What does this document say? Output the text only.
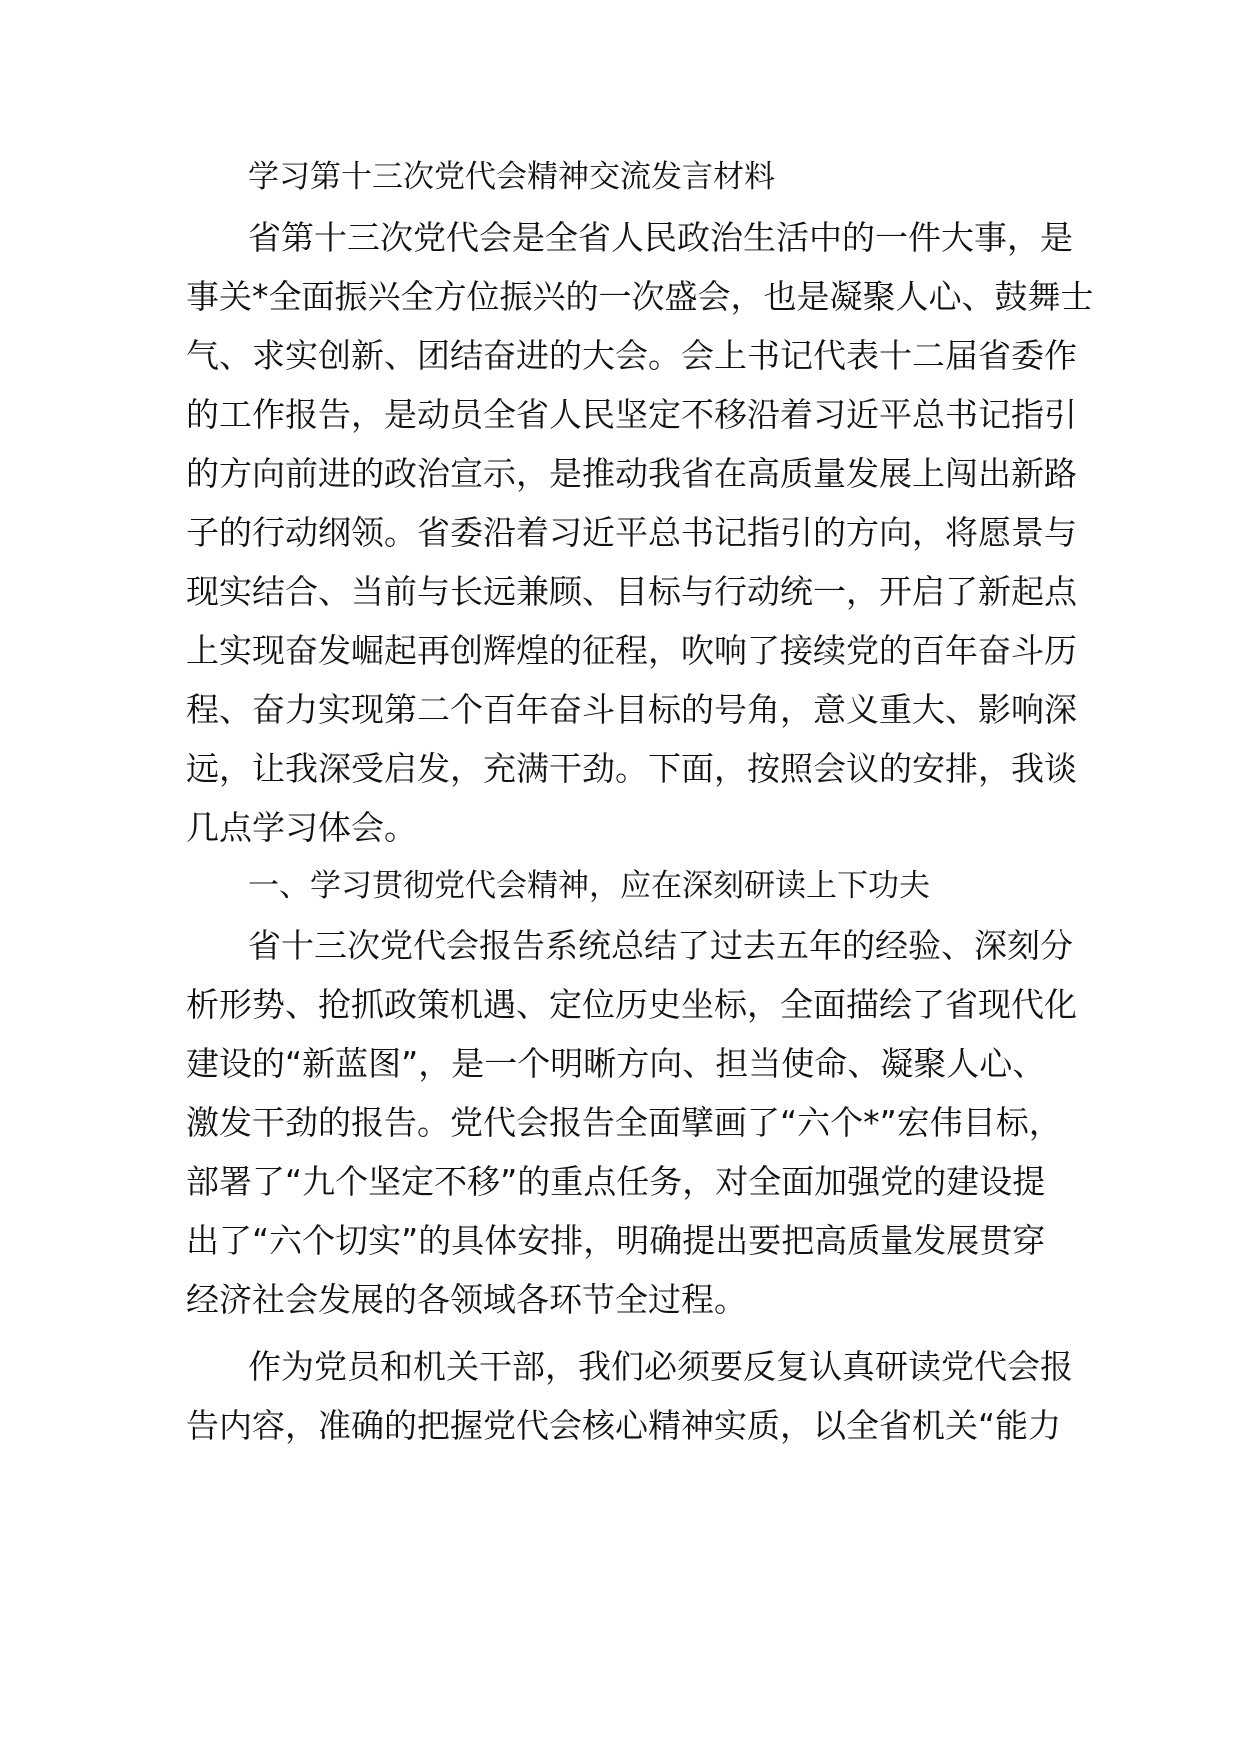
学习第十三次党代会精神交流发言材料
省第十三次党代会是全省人民政治生活中的一件大事，是
事关*全面振兴全方位振兴的一次盛会，也是凝聚人心、鼓舞士
气、求实创新、团结奋进的大会。会上书记代表十二届省委作
的工作报告，是动员全省人民坚定不移沿着习近平总书记指引
的方向前进的政治宣示，是推动我省在高质量发展上闯出新路
子的行动纲领。省委沿着习近平总书记指引的方向，将愿景与
现实结合、当前与长远兼顾、目标与行动统一，开启了新起点
上实现奋发崛起再创辉煌的征程，吹响了接续党的百年奋斗历
程、奋力实现第二个百年奋斗目标的号角，意义重大、影响深
远，让我深受启发，充满干劲。下面，按照会议的安排，我谈
几点学习体会。
一、学习贯彻党代会精神，应在深刻研读上下功夫
省十三次党代会报告系统总结了过去五年的经验、深刻分
析形势、抢抓政策机遇、定位历史坐标，全面描绘了省现代化
建设的“新蓝图”，是一个明晰方向、担当使命、凝聚人心、
激发干劲的报告。党代会报告全面擘画了“六个*”宏伟目标，
部署了“九个坚定不移”的重点任务，对全面加强党的建设提
出了“六个切实”的具体安排，明确提出要把高质量发展贯穿
经济社会发展的各领域各环节全过程。
作为党员和机关干部，我们必须要反复认真研读党代会报
告内容，准确的把握党代会核心精神实质，以全省机关“能力
